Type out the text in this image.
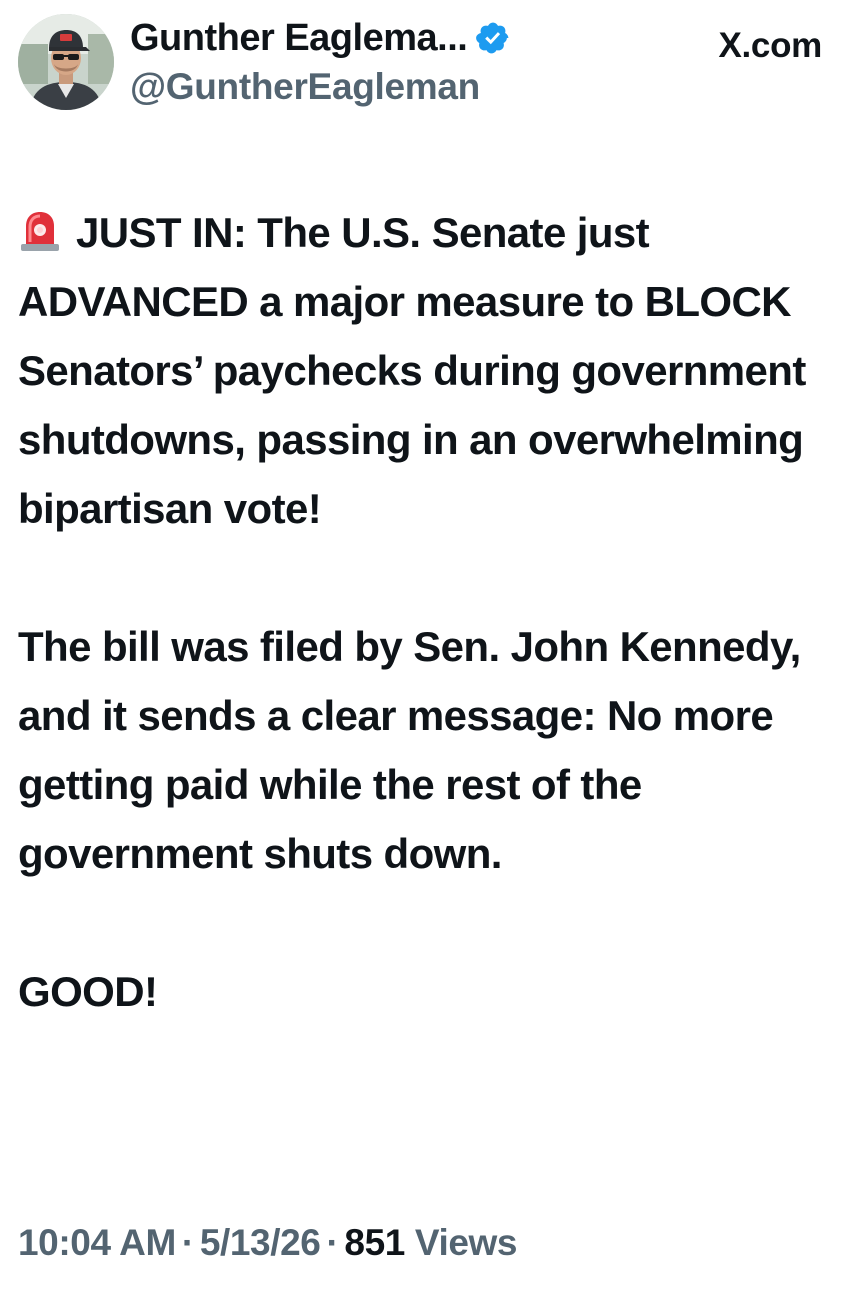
Gunther Eaglema...
@GuntherEagleman
X.com

JUST IN: The U.S. Senate just ADVANCED a major measure to BLOCK Senators’ paychecks during government shutdowns, passing in an overwhelming bipartisan vote!

The bill was filed by Sen. John Kennedy, and it sends a clear message: No more getting paid while the rest of the government shuts down.

GOOD!

10:04 AM · 5/13/26 · 851 Views
